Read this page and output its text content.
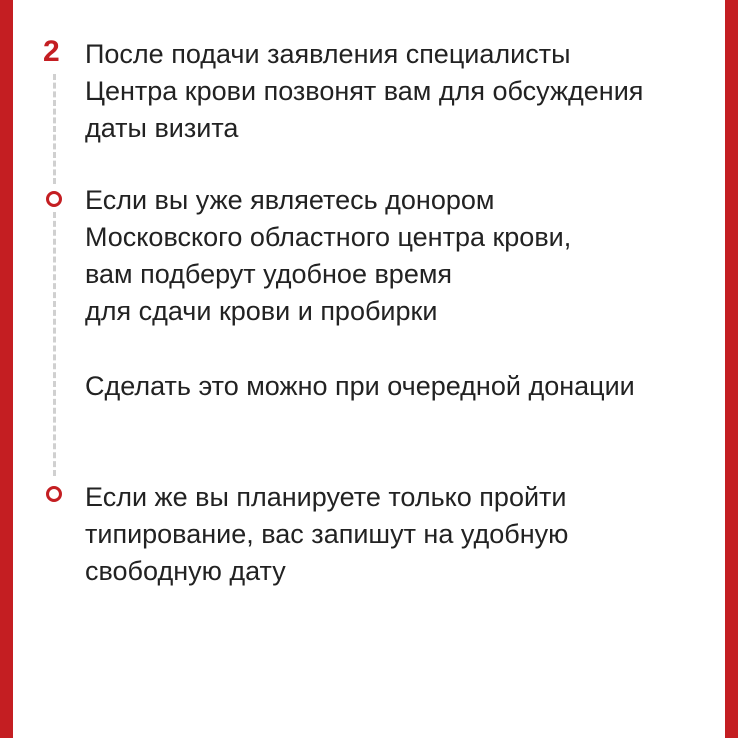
2 После подачи заявления специалисты
Центра крови позвонят вам для обсуждения
даты визита
Если вы уже являетесь донором
Московского областного центра крови,
вам подберут удобное время
для сдачи крови и пробирки
Сделать это можно при очередной донации
Если же вы планируете только пройти
типирование, вас запишут на удобную
свободную дату
